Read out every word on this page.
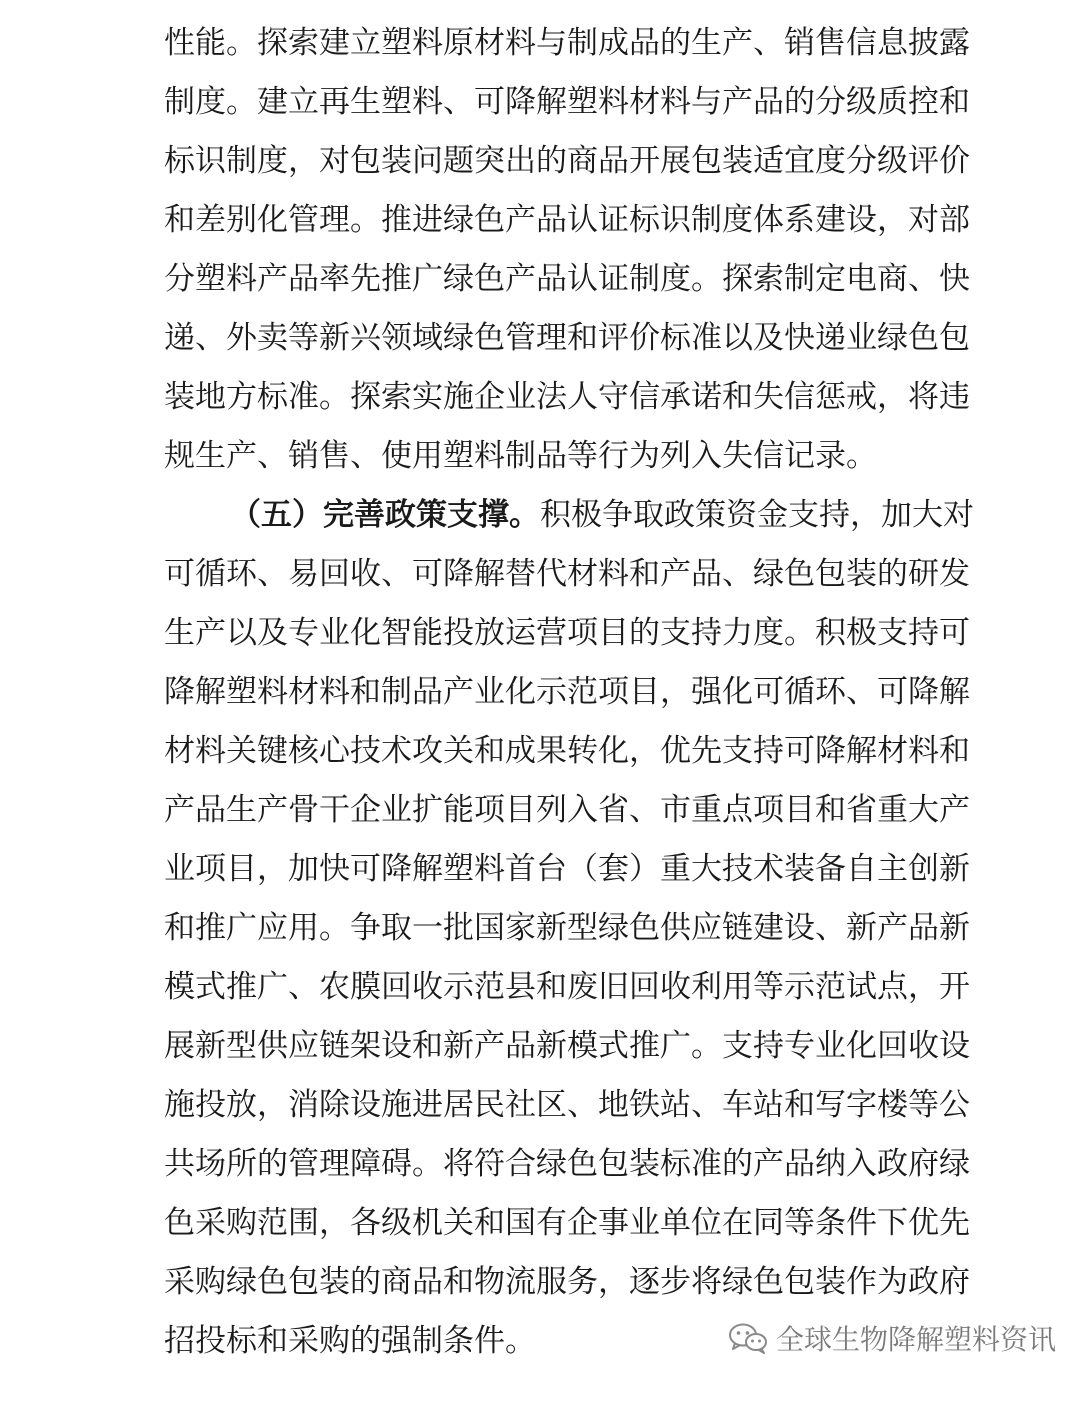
性能。探索建立塑料原材料与制成品的生产、销售信息披露
制度。建立再生塑料、可降解塑料材料与产品的分级质控和
标识制度，对包装问题突出的商品开展包装适宜度分级评价
和差别化管理。推进绿色产品认证标识制度体系建设，对部
分塑料产品率先推广绿色产品认证制度。探索制定电商、快
递、外卖等新兴领域绿色管理和评价标准以及快递业绿色包
装地方标准。探索实施企业法人守信承诺和失信惩戒，将违
规生产、销售、使用塑料制品等行为列入失信记录。
（五）完善政策支撑。积极争取政策资金支持，加大对
可循环、易回收、可降解替代材料和产品、绿色包装的研发
生产以及专业化智能投放运营项目的支持力度。积极支持可
降解塑料材料和制品产业化示范项目，强化可循环、可降解
材料关键核心技术攻关和成果转化，优先支持可降解材料和
产品生产骨干企业扩能项目列入省、市重点项目和省重大产
业项目，加快可降解塑料首台（套）重大技术装备自主创新
和推广应用。争取一批国家新型绿色供应链建设、新产品新
模式推广、农膜回收示范县和废旧回收利用等示范试点，开
展新型供应链架设和新产品新模式推广。支持专业化回收设
施投放，消除设施进居民社区、地铁站、车站和写字楼等公
共场所的管理障碍。将符合绿色包装标准的产品纳入政府绿
色采购范围，各级机关和国有企事业单位在同等条件下优先
采购绿色包装的商品和物流服务，逐步将绿色包装作为政府
招投标和采购的强制条件。	全球生物降解塑料资讯
